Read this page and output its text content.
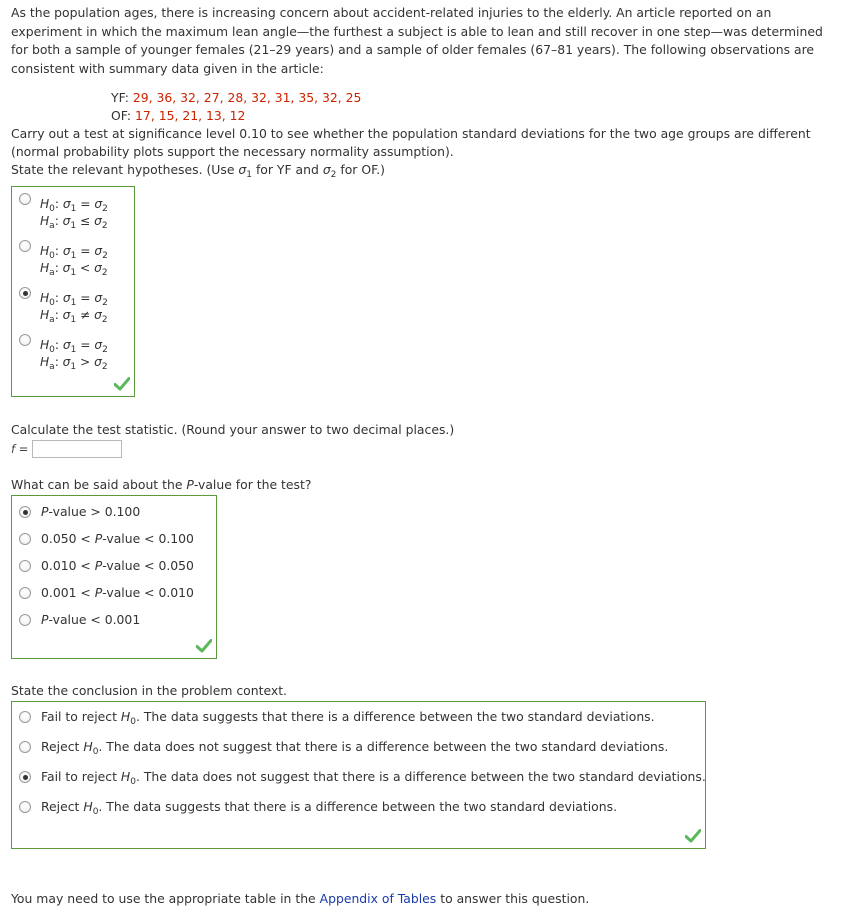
As the population ages, there is increasing concern about accident-related injuries to the elderly. An article reported on an experiment in which the maximum lean angle—the furthest a subject is able to lean and still recover in one step—was determined for both a sample of younger females (21–29 years) and a sample of older females (67–81 years). The following observations are consistent with summary data given in the article:

YF: 29, 36, 32, 27, 28, 32, 31, 35, 32, 25
OF: 17, 15, 21, 13, 12
Carry out a test at significance level 0.10 to see whether the population standard deviations for the two age groups are different
(normal probability plots support the necessary normality assumption).
State the relevant hypotheses. (Use $\sigma_1$ for YF and $\sigma_2$ for OF.)
$H_0$: $\sigma_1 = \sigma_2$
$H_a$: $\sigma_1 \le \sigma_2$
$H_0$: $\sigma_1 = \sigma_2$
$H_a$: $\sigma_1 < \sigma_2$
$H_0$: $\sigma_1 = \sigma_2$
$H_a$: $\sigma_1 \ne \sigma_2$
$H_0$: $\sigma_1 = \sigma_2$
$H_a$: $\sigma_1 > \sigma_2$
Calculate the test statistic. (Round your answer to two decimal places.)
f =
What can be said about the P-value for the test?
P-value > 0.100
0.050 < P-value < 0.100
0.010 < P-value < 0.050
0.001 < P-value < 0.010
P-value < 0.001
State the conclusion in the problem context.
Fail to reject $H_0$. The data suggests that there is a difference between the two standard deviations.
Reject $H_0$. The data does not suggest that there is a difference between the two standard deviations.
Fail to reject $H_0$. The data does not suggest that there is a difference between the two standard deviations.
Reject $H_0$. The data suggests that there is a difference between the two standard deviations.
You may need to use the appropriate table in the Appendix of Tables to answer this question.
